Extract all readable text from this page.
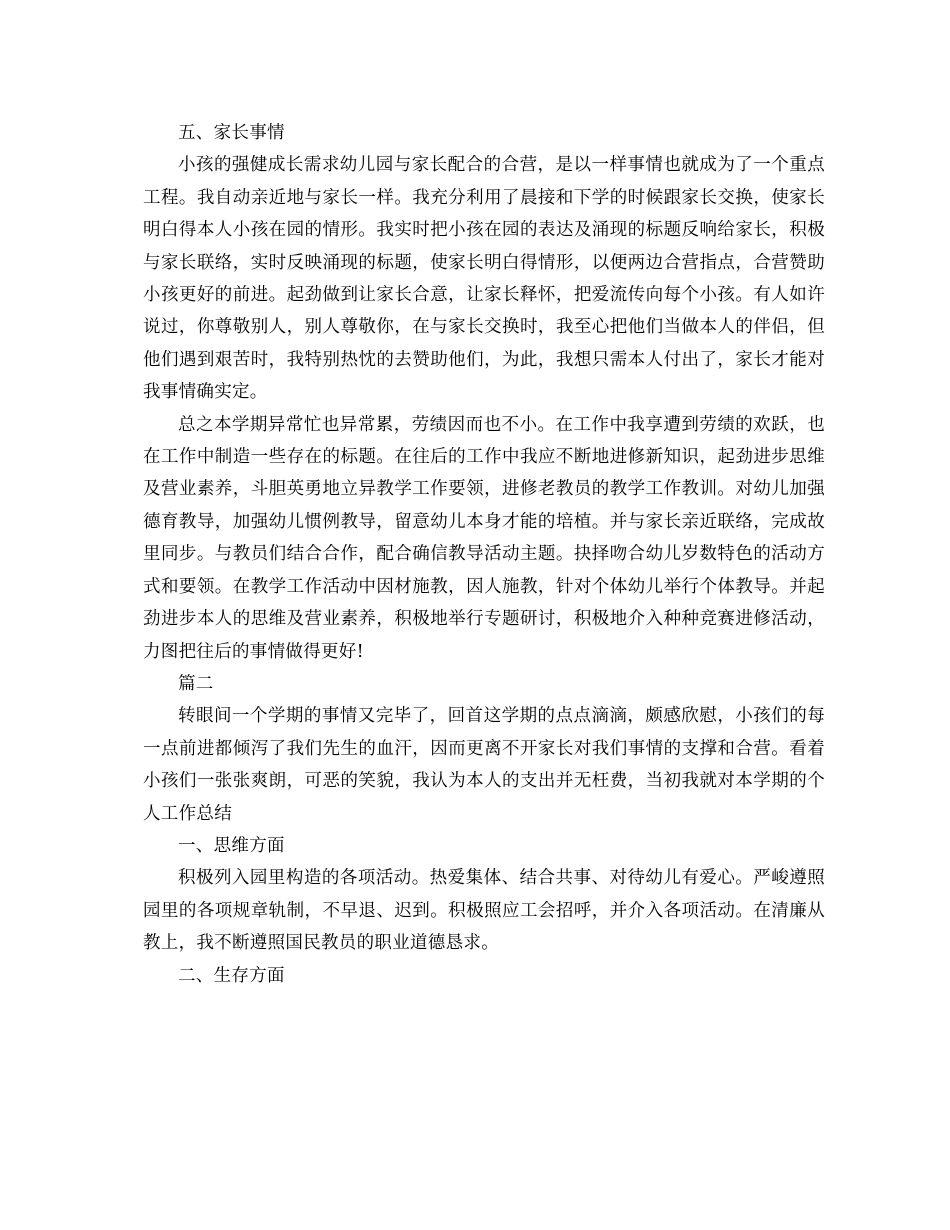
五、家长事情

小孩的强健成长需求幼儿园与家长配合的合营，是以一样事情也就成为了一个重点工程。我自动亲近地与家长一样。我充分利用了晨接和下学的时候跟家长交换，使家长明白得本人小孩在园的情形。我实时把小孩在园的表达及涌现的标题反响给家长，积极与家长联络，实时反映涌现的标题，使家长明白得情形，以便两边合营指点，合营赞助小孩更好的前进。起劲做到让家长合意，让家长释怀，把爱流传向每个小孩。有人如许说过，你尊敬别人，别人尊敬你，在与家长交换时，我至心把他们当做本人的伴侣，但他们遇到艰苦时，我特别热忱的去赞助他们，为此，我想只需本人付出了，家长才能对我事情确实定。

总之本学期异常忙也异常累，劳绩因而也不小。在工作中我享遭到劳绩的欢跃，也在工作中制造一些存在的标题。在往后的工作中我应不断地进修新知识，起劲进步思维及营业素养，斗胆英勇地立异教学工作要领，进修老教员的教学工作教训。对幼儿加强德育教导，加强幼儿惯例教导，留意幼儿本身才能的培植。并与家长亲近联络，完成故里同步。与教员们结合合作，配合确信教导活动主题。抉择吻合幼儿岁数特色的活动方式和要领。在教学工作活动中因材施教，因人施教，针对个体幼儿举行个体教导。并起劲进步本人的思维及营业素养，积极地举行专题研讨，积极地介入种种竞赛进修活动，力图把往后的事情做得更好!

篇二

转眼间一个学期的事情又完毕了，回首这学期的点点滴滴，颇感欣慰，小孩们的每一点前进都倾泻了我们先生的血汗，因而更离不开家长对我们事情的支撑和合营。看着小孩们一张张爽朗，可恶的笑貌，我认为本人的支出并无枉费，当初我就对本学期的个人工作总结

一、思维方面

积极列入园里构造的各项活动。热爱集体、结合共事、对待幼儿有爱心。严峻遵照园里的各项规章轨制，不早退、迟到。积极照应工会招呼，并介入各项活动。在清廉从教上，我不断遵照国民教员的职业道德恳求。

二、生存方面
